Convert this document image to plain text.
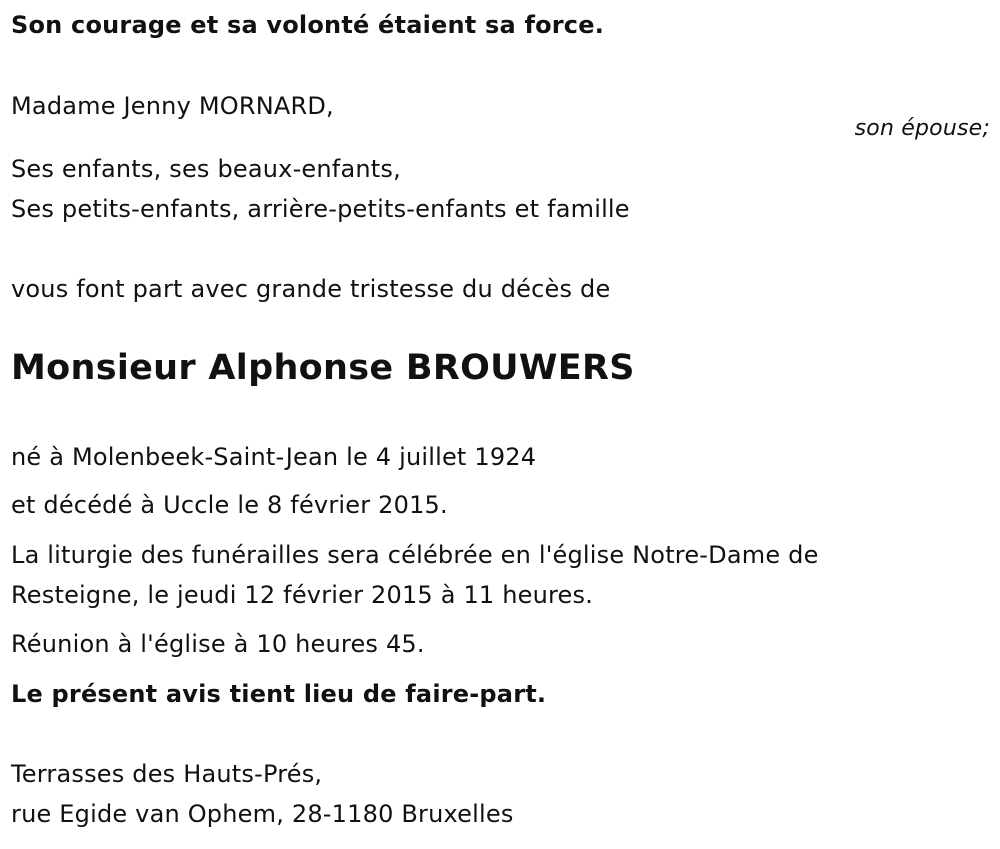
Son courage et sa volonté étaient sa force.
Madame Jenny MORNARD,
son épouse;
Ses enfants, ses beaux-enfants,
Ses petits-enfants, arrière-petits-enfants et famille
vous font part avec grande tristesse du décès de
Monsieur Alphonse BROUWERS
né à Molenbeek-Saint-Jean le 4 juillet 1924
et décédé à Uccle le 8 février 2015.
La liturgie des funérailles sera célébrée en l'église Notre-Dame de
Resteigne, le jeudi 12 février 2015 à 11 heures.
Réunion à l'église à 10 heures 45.
Le présent avis tient lieu de faire-part.
Terrasses des Hauts-Prés,
rue Egide van Ophem, 28-1180 Bruxelles
